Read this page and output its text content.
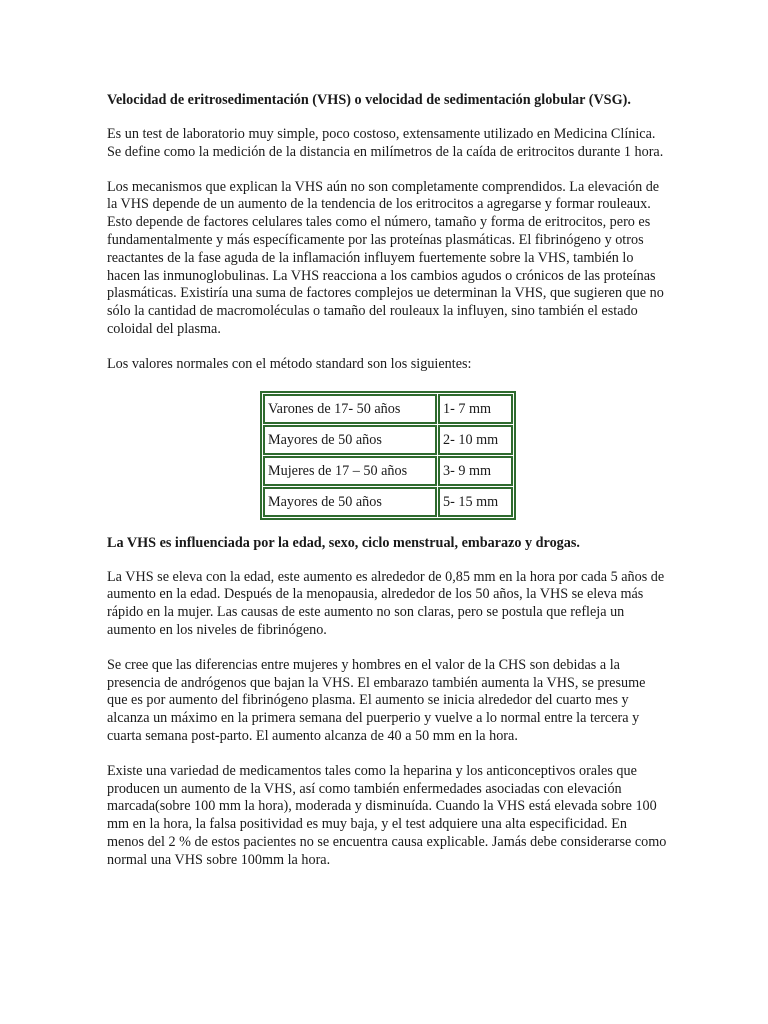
Velocidad de eritrosedimentación (VHS) o velocidad de sedimentación globular (VSG).

Es un test de laboratorio muy simple, poco costoso, extensamente utilizado en Medicina Clínica. Se define como la medición de la distancia en milímetros de la caída de eritrocitos durante 1 hora.

Los mecanismos que explican la VHS aún no son completamente comprendidos. La elevación de la VHS depende de un aumento de la tendencia de los eritrocitos a agregarse y formar rouleaux. Esto depende de factores celulares tales como el número, tamaño y forma de eritrocitos, pero es fundamentalmente y más específicamente por las proteínas plasmáticas. El fibrinógeno y otros reactantes de la fase aguda de la inflamación influyem fuertemente sobre la VHS, también lo hacen las inmunoglobulinas. La VHS reacciona a los cambios agudos o crónicos de las proteínas plasmáticas. Existiría una suma de factores complejos ue determinan la VHS, que sugieren que no sólo la cantidad de macromoléculas o tamaño del rouleaux la influyen, sino también el estado coloidal del plasma.

Los valores normales con el método standard son los siguientes:

Varones de 17- 50 años	1- 7 mm
Mayores de 50 años	2- 10 mm
Mujeres de 17 – 50 años	3- 9 mm
Mayores de 50 años	5- 15 mm

La VHS es influenciada por la edad, sexo, ciclo menstrual, embarazo y drogas.

La VHS se eleva con la edad, este aumento es alrededor de 0,85 mm en la hora por cada 5 años de aumento en la edad. Después de la menopausia, alrededor de los 50 años, la VHS se eleva más rápido en la mujer. Las causas de este aumento no son claras, pero se postula que refleja un aumento en los niveles de fibrinógeno.

Se cree que las diferencias entre mujeres y hombres en el valor de la CHS son debidas a la presencia de andrógenos que bajan la VHS. El embarazo también aumenta la VHS, se presume que es por aumento del fibrinógeno plasma. El aumento se inicia alrededor del cuarto mes y alcanza un máximo en la primera semana del puerperio y vuelve a lo normal entre la tercera y cuarta semana post-parto. El aumento alcanza de 40 a 50 mm en la hora.

Existe una variedad de medicamentos tales como la heparina y los anticonceptivos orales que producen un aumento de la VHS, así como también enfermedades asociadas con elevación marcada(sobre 100 mm la hora), moderada y disminuída. Cuando la VHS está elevada sobre 100 mm en la hora, la falsa positividad es muy baja, y el test adquiere una alta especificidad. En menos del 2 % de estos pacientes no se encuentra causa explicable. Jamás debe considerarse como normal una VHS sobre 100mm la hora.
